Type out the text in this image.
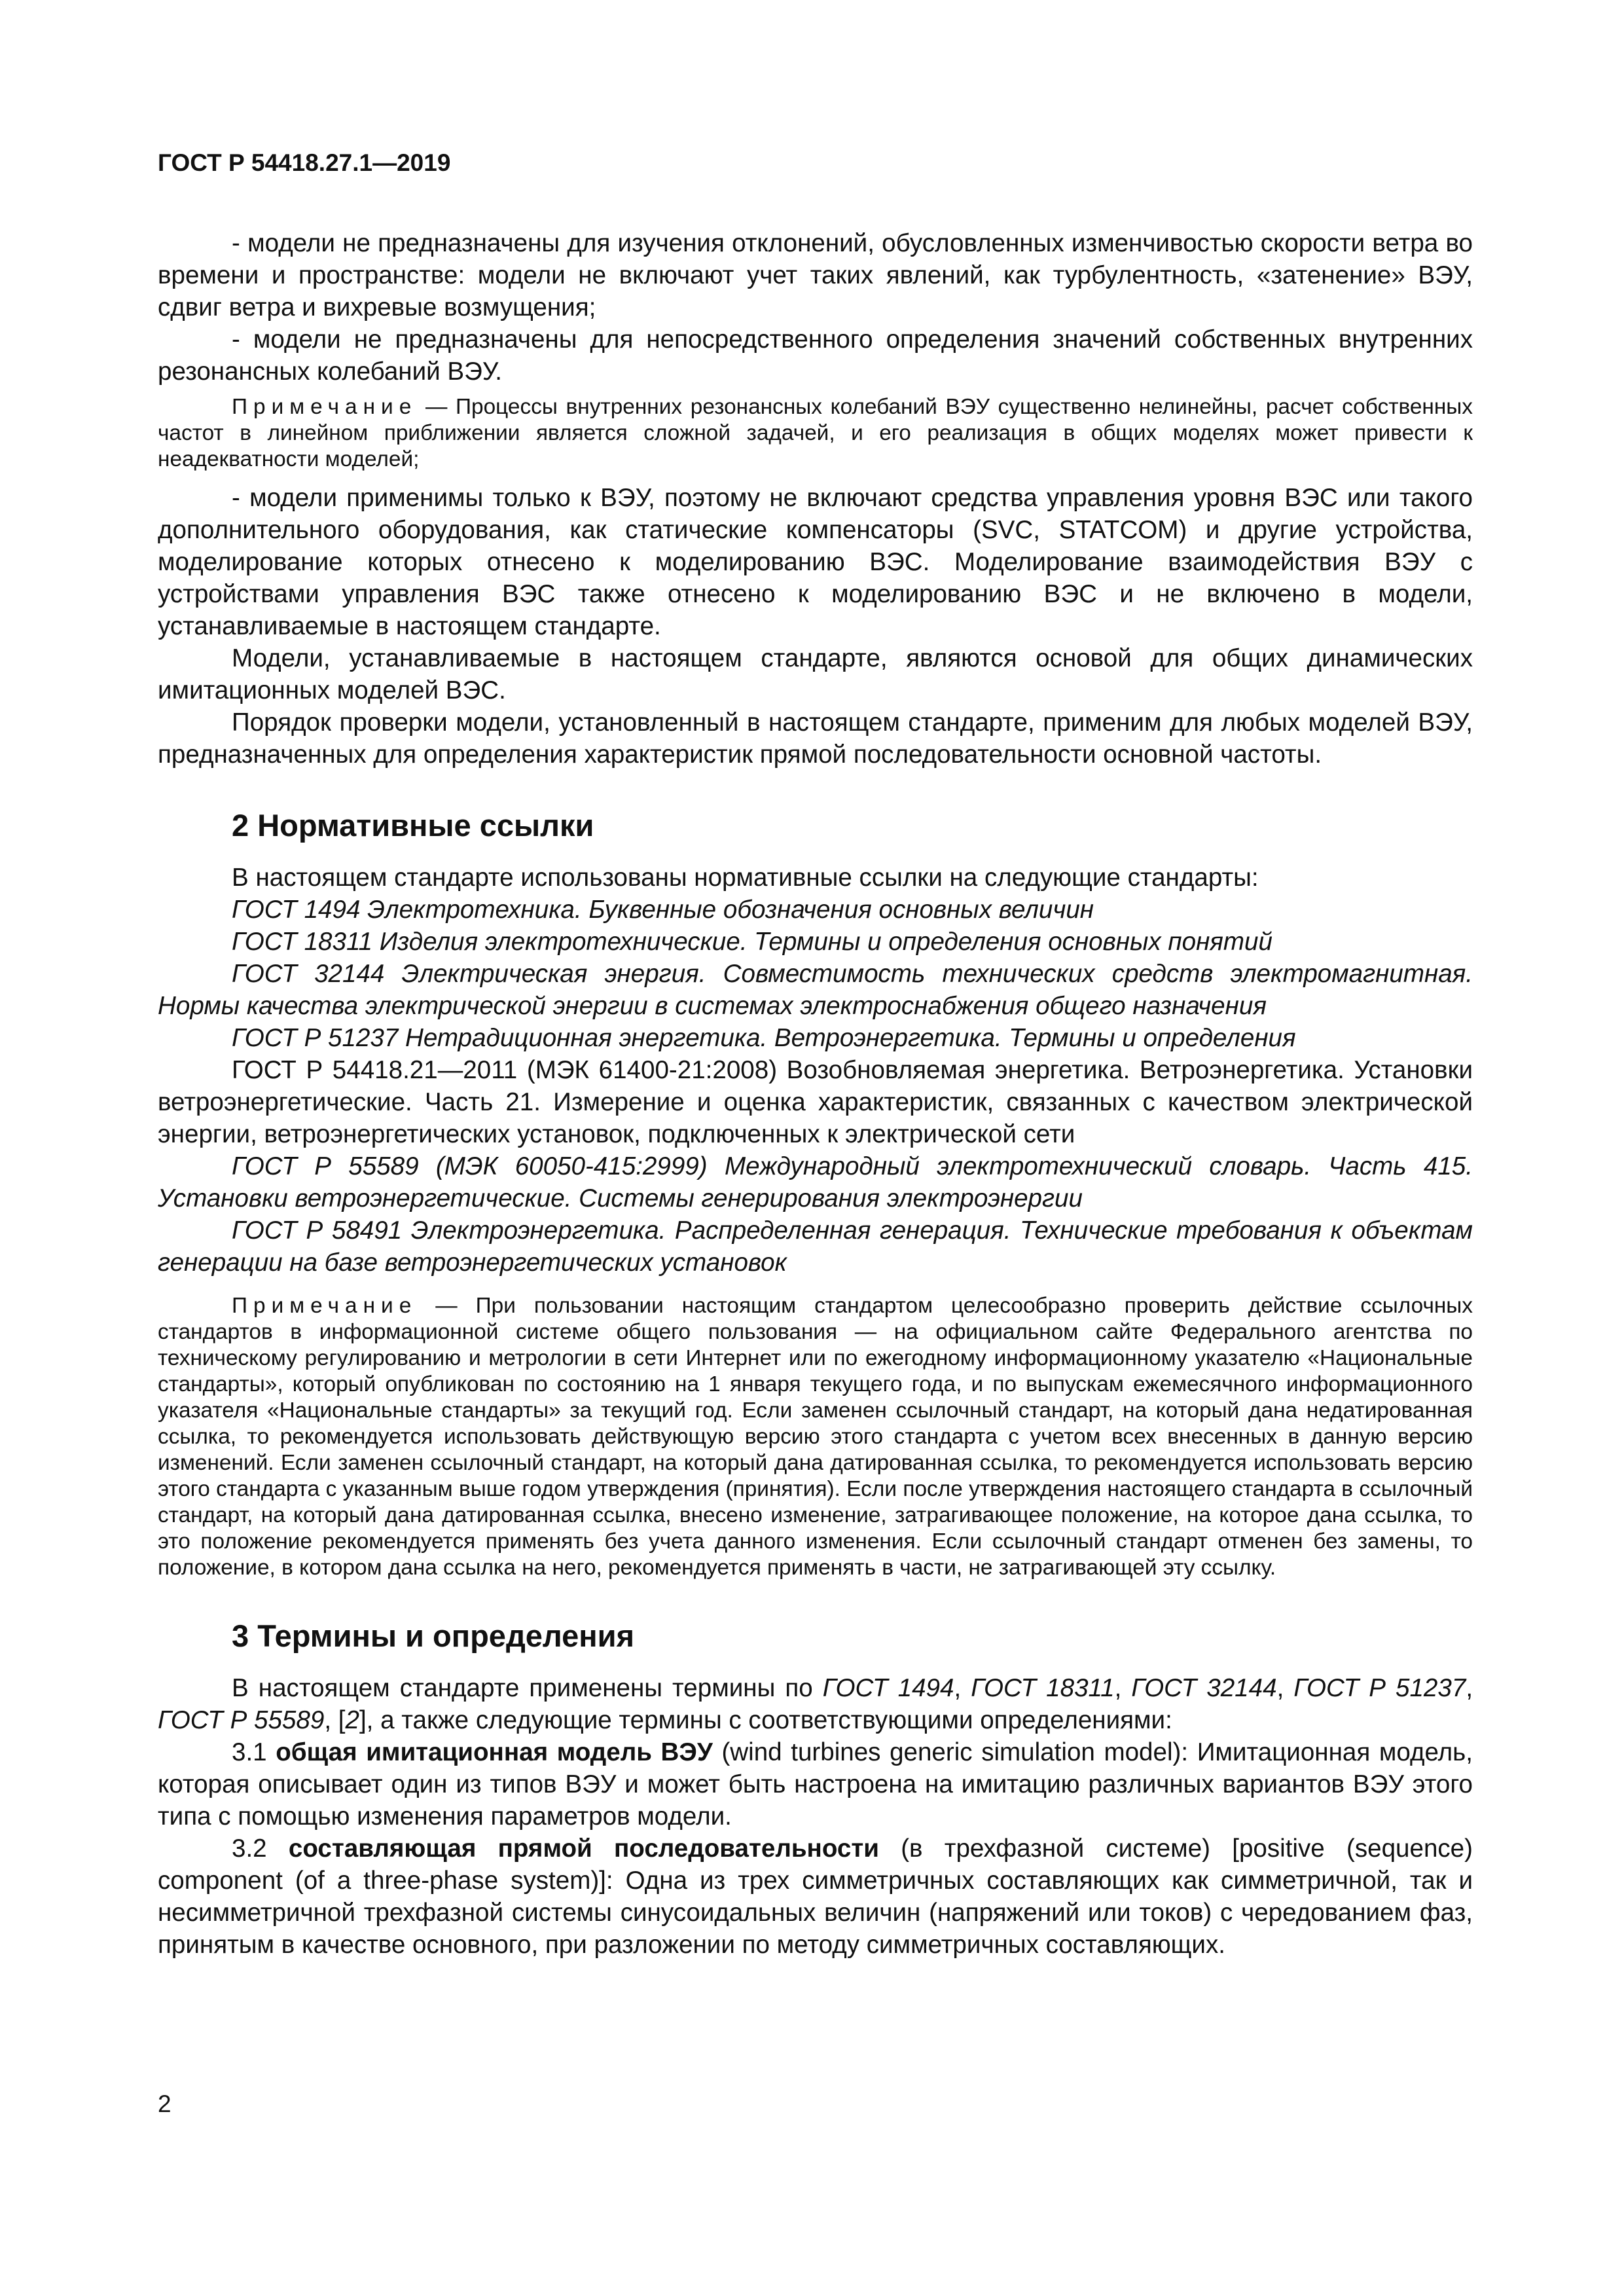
ГОСТ Р 54418.27.1—2019

- модели не предназначены для изучения отклонений, обусловленных изменчивостью скорости ветра во времени и пространстве: модели не включают учет таких явлений, как турбулентность, «затенение» ВЭУ, сдвиг ветра и вихревые возмущения;

- модели не предназначены для непосредственного определения значений собственных внутренних резонансных колебаний ВЭУ.

Примечание — Процессы внутренних резонансных колебаний ВЭУ существенно нелинейны, расчет собственных частот в линейном приближении является сложной задачей, и его реализация в общих моделях может привести к неадекватности моделей;

- модели применимы только к ВЭУ, поэтому не включают средства управления уровня ВЭС или такого дополнительного оборудования, как статические компенсаторы (SVC, STATCOM) и другие устройства, моделирование которых отнесено к моделированию ВЭС. Моделирование взаимодействия ВЭУ с устройствами управления ВЭС также отнесено к моделированию ВЭС и не включено в модели, устанавливаемые в настоящем стандарте.

Модели, устанавливаемые в настоящем стандарте, являются основой для общих динамических имитационных моделей ВЭС.

Порядок проверки модели, установленный в настоящем стандарте, применим для любых моделей ВЭУ, предназначенных для определения характеристик прямой последовательности основной частоты.

2 Нормативные ссылки

В настоящем стандарте использованы нормативные ссылки на следующие стандарты:

ГОСТ 1494 Электротехника. Буквенные обозначения основных величин

ГОСТ 18311 Изделия электротехнические. Термины и определения основных понятий

ГОСТ 32144 Электрическая энергия. Совместимость технических средств электромагнитная. Нормы качества электрической энергии в системах электроснабжения общего назначения

ГОСТ Р 51237 Нетрадиционная энергетика. Ветроэнергетика. Термины и определения

ГОСТ Р 54418.21—2011 (МЭК 61400-21:2008) Возобновляемая энергетика. Ветроэнергетика. Установки ветроэнергетические. Часть 21. Измерение и оценка характеристик, связанных с качеством электрической энергии, ветроэнергетических установок, подключенных к электрической сети

ГОСТ Р 55589 (МЭК 60050-415:2999) Международный электротехнический словарь. Часть 415. Установки ветроэнергетические. Системы генерирования электроэнергии

ГОСТ Р 58491 Электроэнергетика. Распределенная генерация. Технические требования к объектам генерации на базе ветроэнергетических установок

Примечание — При пользовании настоящим стандартом целесообразно проверить действие ссылочных стандартов в информационной системе общего пользования — на официальном сайте Федерального агентства по техническому регулированию и метрологии в сети Интернет или по ежегодному информационному указателю «Национальные стандарты», который опубликован по состоянию на 1 января текущего года, и по выпускам ежемесячного информационного указателя «Национальные стандарты» за текущий год. Если заменен ссылочный стандарт, на который дана недатированная ссылка, то рекомендуется использовать действующую версию этого стандарта с учетом всех внесенных в данную версию изменений. Если заменен ссылочный стандарт, на который дана датированная ссылка, то рекомендуется использовать версию этого стандарта с указанным выше годом утверждения (принятия). Если после утверждения настоящего стандарта в ссылочный стандарт, на который дана датированная ссылка, внесено изменение, затрагивающее положение, на которое дана ссылка, то это положение рекомендуется применять без учета данного изменения. Если ссылочный стандарт отменен без замены, то положение, в котором дана ссылка на него, рекомендуется применять в части, не затрагивающей эту ссылку.

3 Термины и определения

В настоящем стандарте применены термины по ГОСТ 1494, ГОСТ 18311, ГОСТ 32144, ГОСТ Р 51237, ГОСТ Р 55589, [2], а также следующие термины с соответствующими определениями:

3.1 общая имитационная модель ВЭУ (wind turbines generic simulation model): Имитационная модель, которая описывает один из типов ВЭУ и может быть настроена на имитацию различных вариантов ВЭУ этого типа с помощью изменения параметров модели.

3.2 составляющая прямой последовательности (в трехфазной системе) [positive (sequence) component (of a three-phase system)]: Одна из трех симметричных составляющих как симметричной, так и несимметричной трехфазной системы синусоидальных величин (напряжений или токов) с чередованием фаз, принятым в качестве основного, при разложении по методу симметричных составляющих.

2
